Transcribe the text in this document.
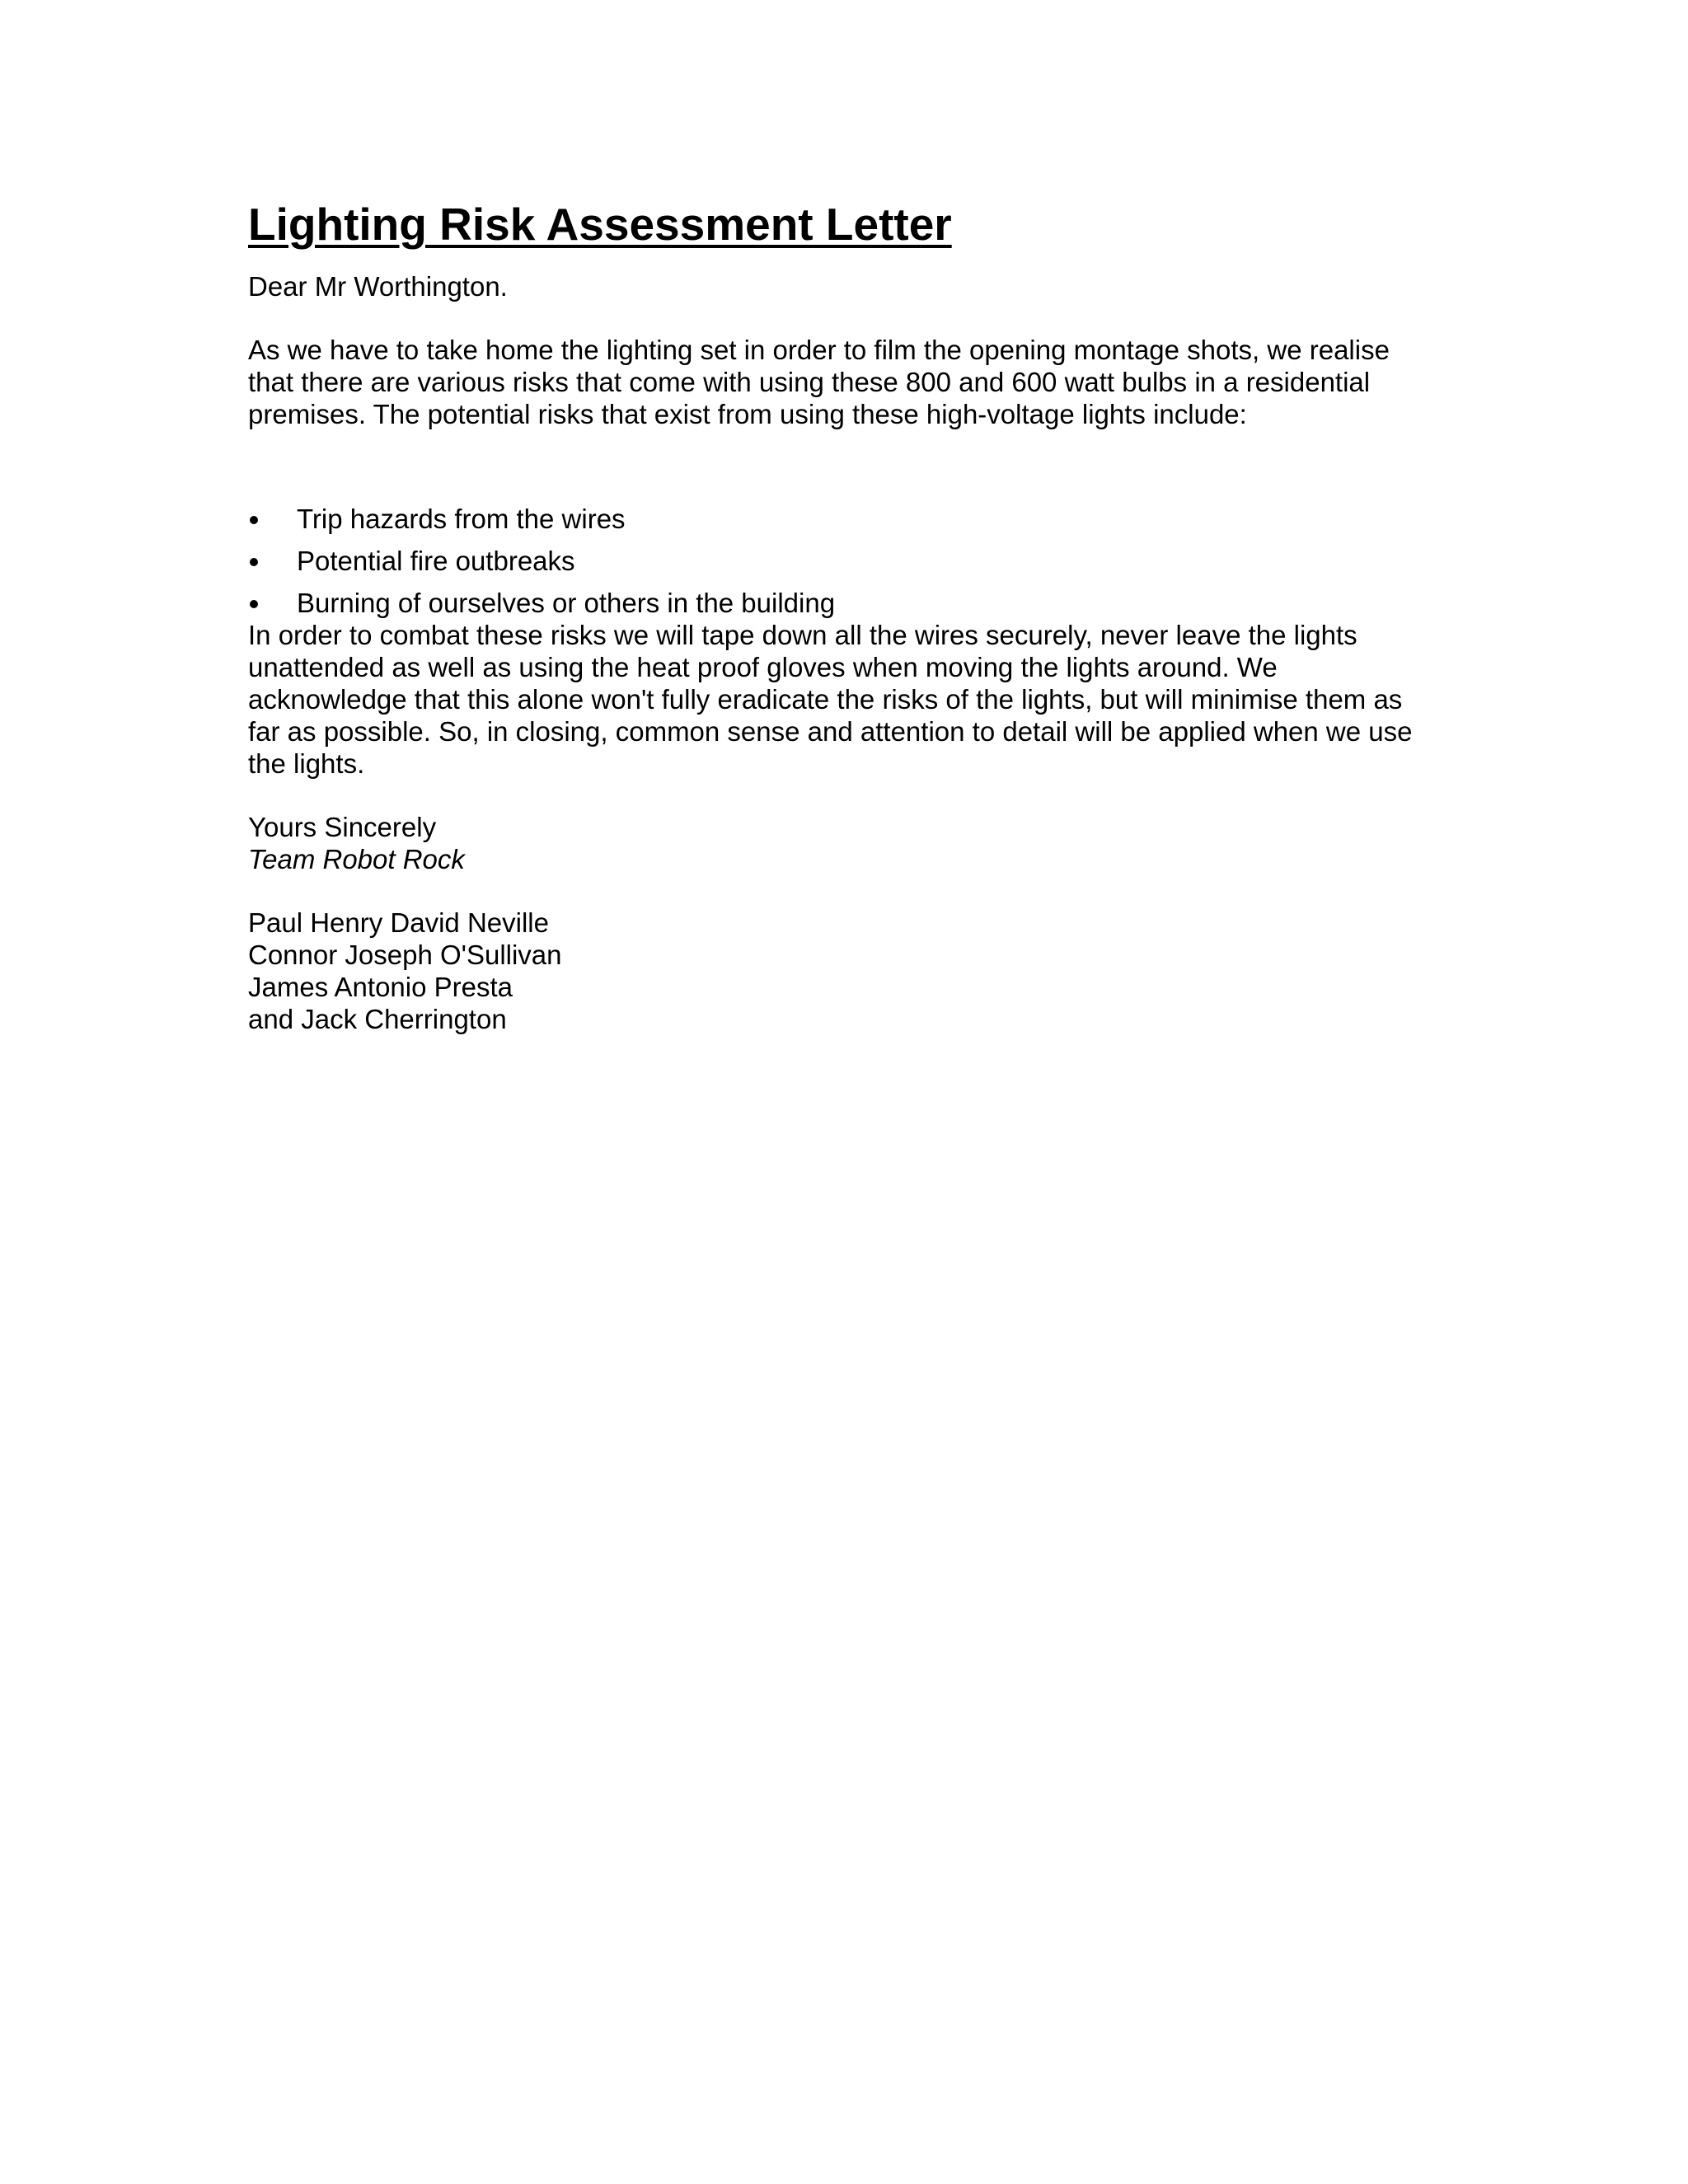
Lighting Risk Assessment Letter

Dear Mr Worthington.

As we have to take home the lighting set in order to film the opening montage shots, we realise that there are various risks that come with using these 800 and 600 watt bulbs in a residential premises. The potential risks that exist from using these high-voltage lights include:

Trip hazards from the wires
Potential fire outbreaks
Burning of ourselves or others in the building

In order to combat these risks we will tape down all the wires securely, never leave the lights unattended as well as using the heat proof gloves when moving the lights around. We acknowledge that this alone won't fully eradicate the risks of the lights, but will minimise them as far as possible. So, in closing, common sense and attention to detail will be applied when we use the lights.

Yours Sincerely

Team Robot Rock

Paul Henry David Neville
Connor Joseph O'Sullivan
James Antonio Presta
and Jack Cherrington
